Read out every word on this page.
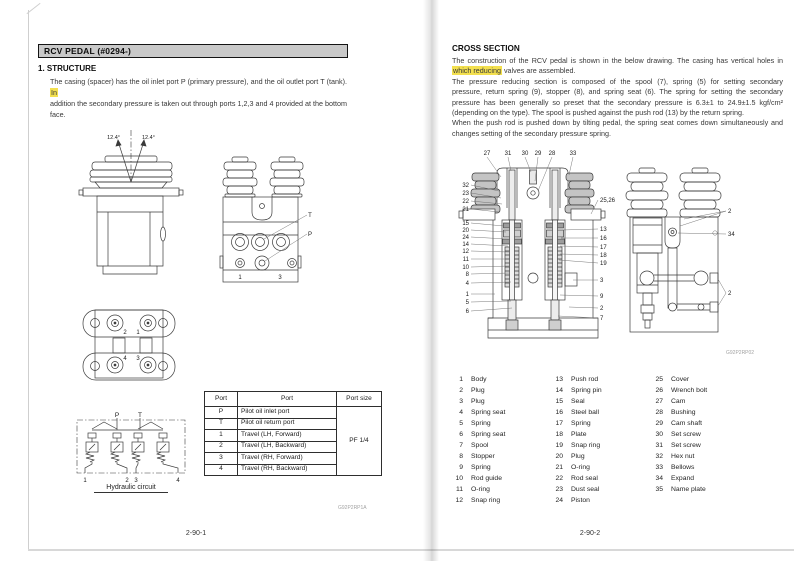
RCV PEDAL (#0294-)
1. STRUCTURE
The casing (spacer) has the oil inlet port P (primary pressure), and the oil outlet port T (tank). In
addition the secondary pressure is taken out through ports 1,2,3 and 4 provided at the bottom face.
12.4°	12.4°
T
P
1	3
2 1
4 3
P	T
1	2 3	4
Hydraulic circuit
Port	Port	Port size
P	Pilot oil inlet port	PF 1/4
T	Pilot oil return port	
1	Travel (LH, Forward)	
2	Travel (LH, Backward)	
3	Travel (RH, Forward)	
4	Travel (RH, Backward)	
G92P2RP1A
2-90-1
CROSS SECTION
The construction of the RCV pedal is shown in the below drawing. The casing has vertical holes in
which reducing valves are assembled.
The pressure reducing section is composed of the spool (7), spring (5) for setting secondary
pressure, return spring (9), stopper (8), and spring seat (6). The spring for setting the secondary
pressure has been generally so preset that the secondary pressure is 6.3±1 to 24.9±1.5 kgf/cm²
(depending on the type). The spool is pushed against the push rod (13) by the return spring.
When the push rod is pushed down by tilting pedal, the spring seat comes down simultaneously and
changes setting of the secondary pressure spring.
27 31 30 29 28 33
32
23
22
21
15
20
24
14
12
11
10
8
4
1
5
6
25,26
13
16
17
18
19
3
9
2
7
2
34
2
G92P2RP02
1 Body
2 Plug
3 Plug
4 Spring seat
5 Spring
6 Spring seat
7 Spool
8 Stopper
9 Spring
10 Rod guide
11 O-ring
12 Snap ring
13 Push rod
14 Spring pin
15 Seal
16 Steel ball
17 Spring
18 Plate
19 Snap ring
20 Plug
21 O-ring
22 Rod seal
23 Dust seal
24 Piston
25 Cover
26 Wrench bolt
27 Cam
28 Bushing
29 Cam shaft
30 Set screw
31 Set screw
32 Hex nut
33 Bellows
34 Expand
35 Name plate
2-90-2
